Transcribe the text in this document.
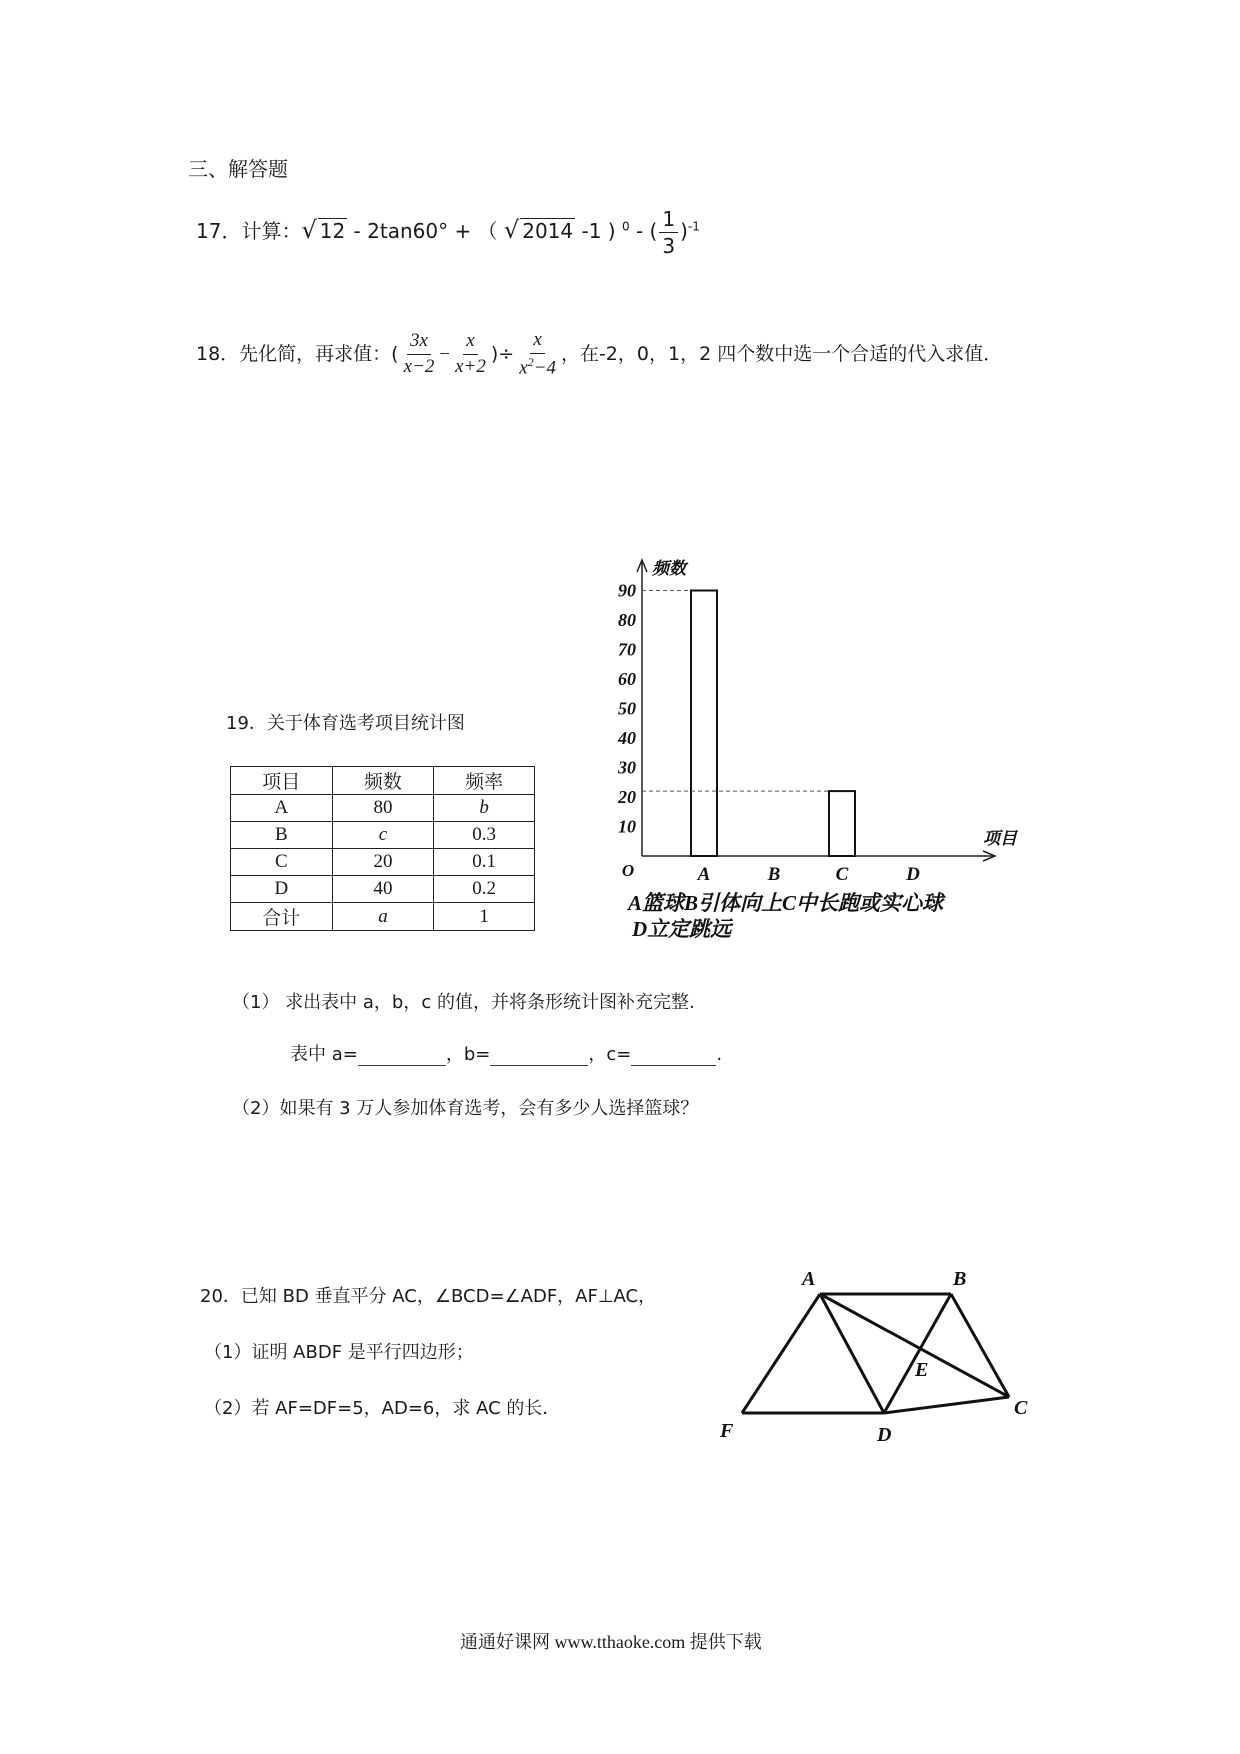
三、解答题
17．计算：√ 12 - 2tan60° + （ √ 2014 -1 ) $^0$ - ( $\frac{1}{3} )^{-1}$
18．先化简，再求值：( $\frac{3x}{x-2} - \frac{x}{x+2}$ )÷ $\frac{x}{x^2-4}$ ，在-2，0，1，2 四个数中选一个合适的代入求值．
19．关于体育选考项目统计图
项目	频数	频率
A	80	b
B	c	0.3
C	20	0.1
D	40	0.2
合计	a	1
频数
项目
O
10
20
30
40
50
60
70
80
90
A	B	C	D
A篮球B引体向上C中长跑或实心球
D立定跳远
（1） 求出表中 a，b，c 的值，并将条形统计图补充完整.
表中 a=	，b=	，c=	.
（2）如果有 3 万人参加体育选考，会有多少人选择篮球？
20．已知 BD 垂直平分 AC，∠BCD=∠ADF，AF⊥AC，
（1）证明 ABDF 是平行四边形；
（2）若 AF=DF=5，AD=6，求 AC 的长．
A	B
C
D
E
F
通通好课网 www.tthaoke.com 提供下载
